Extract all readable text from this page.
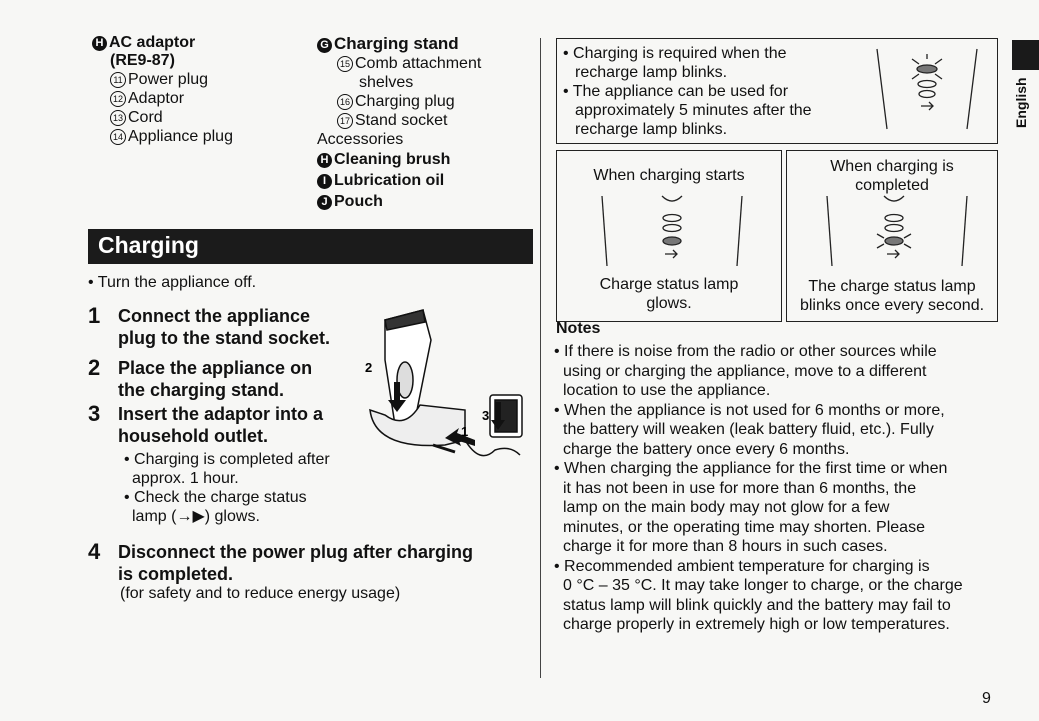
H AC adaptor
(RE9-87)
11 Power plug
12 Adaptor
13 Cord
14 Appliance plug
G Charging stand
15 Comb attachment
shelves
16 Charging plug
17 Stand socket
Accessories
H Cleaning brush
I Lubrication oil
J Pouch
Charging
• Turn the appliance off.
1 Connect the appliance
plug to the stand socket.
2 Place the appliance on
the charging stand.
3 Insert the adaptor into a
household outlet.
• Charging is completed after
approx. 1 hour.
• Check the charge status
lamp (→▶) glows.
4 Disconnect the power plug after charging
is completed.
(for safety and to reduce energy usage)
2
3
1
• Charging is required when the
recharge lamp blinks.
• The appliance can be used for
approximately 5 minutes after the
recharge lamp blinks.
When charging starts
Charge status lamp
glows.
When charging is
completed
The charge status lamp
blinks once every second.
Notes
• If there is noise from the radio or other sources while
using or charging the appliance, move to a different
location to use the appliance.
• When the appliance is not used for 6 months or more,
the battery will weaken (leak battery fluid, etc.). Fully
charge the battery once every 6 months.
• When charging the appliance for the first time or when
it has not been in use for more than 6 months, the
lamp on the main body may not glow for a few
minutes, or the operating time may shorten. Please
charge it for more than 8 hours in such cases.
• Recommended ambient temperature for charging is
0 °C – 35 °C. It may take longer to charge, or the charge
status lamp will blink quickly and the battery may fail to
charge properly in extremely high or low temperatures.
English
9
